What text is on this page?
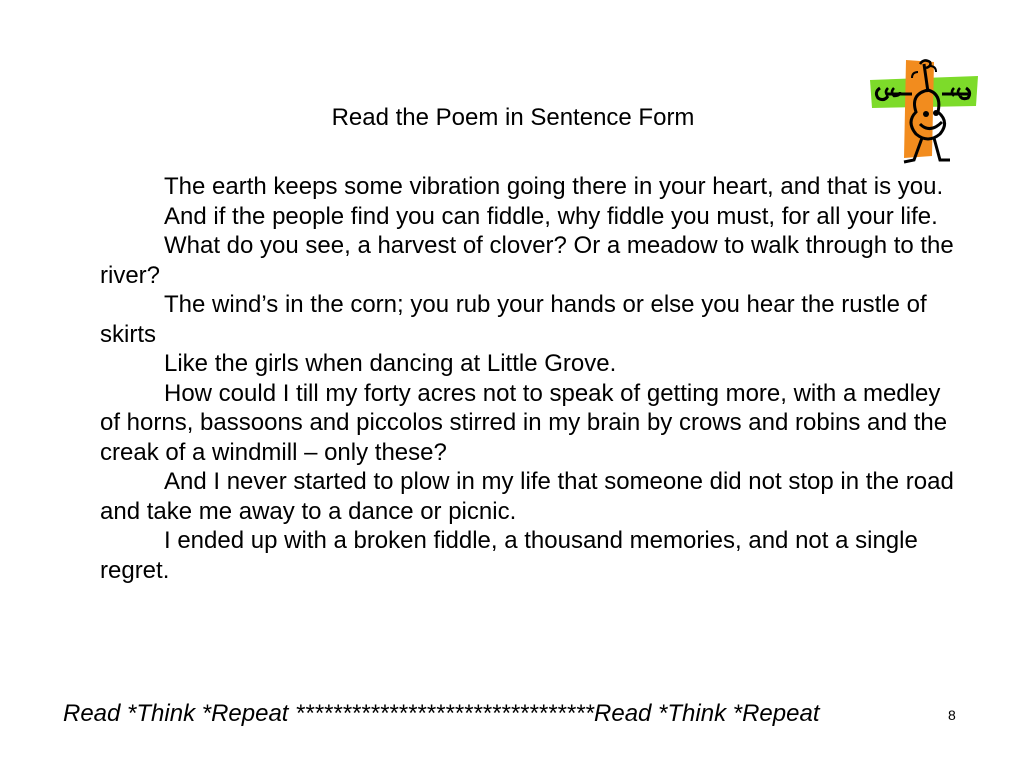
Read the Poem in Sentence Form

The earth keeps some vibration going there in your heart, and that is you.

And if the people find you can fiddle, why fiddle you must, for all your life.

What do you see, a harvest of clover? Or a meadow to walk through to the river?

The wind’s in the corn; you rub your hands or else you hear the rustle of skirts

Like the girls when dancing at Little Grove.

How could I till my forty acres not to speak of getting more, with a medley of horns, bassoons and piccolos stirred in my brain by crows and robins and the creak of a windmill – only these?

And I never started to plow in my life that someone did not stop in the road and take me away to a dance or picnic.

I ended up with a broken fiddle, a thousand memories, and not a single regret.

Read *Think *Repeat ********************************Read *Think *Repeat	8
